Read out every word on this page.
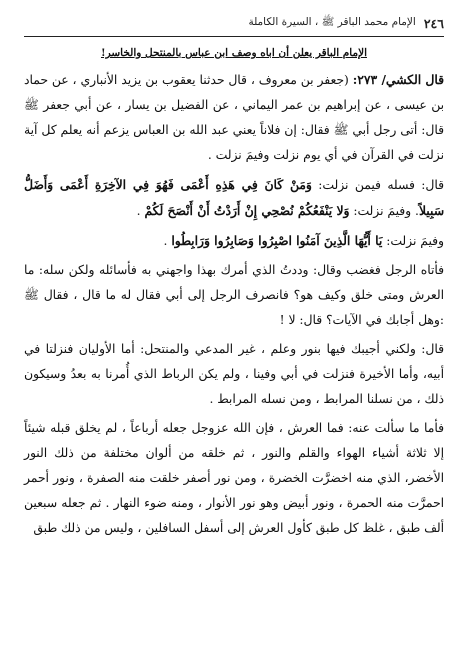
٢٤٦
الإمام محمد الباقر ﷺ ، السيرة الكاملة
الإمام الباقر يعلن أن اباه وصف ابن عباس بالمنتحل والخاسر!

قال الكشي/ ٢٧٣: (جعفر بن معروف ، قال حدثنا يعقوب بن يزيد الأنباري ، عن حماد بن عيسى ، عن إبراهيم بن عمر اليماني ، عن الفضيل بن يسار ، عن أبي جعفر ﷺ قال: أتى رجل أبي ﷺ فقال: إن فلاناً يعني عبد الله بن العباس يزعم أنه يعلم كل آية نزلت في القرآن في أي يوم نزلت وفيمَ نزلت .

قال: فسله فيمن نزلت: وَمَنْ كَانَ فِي هَذِهِ أَعْمَى فَهُوَ فِي الآخِرَةِ أَعْمَى وَأَضَلُّ سَبِيلاً. وفيمَ نزلت: وَلا يَنْفَعُكُمْ نُصْحِي إِنْ أَرَدْتُ أَنْ أَنْصَحَ لَكُمْ .

وفيمَ نزلت: يَا أَيُّهَا الَّذِينَ آمَنُوا اصْبِرُوا وَصَابِرُوا وَرَابِطُوا .

فأتاه الرجل فغضب وقال: وددتُ الذي أمرك بهذا واجهني به فأسائله ولكن سله: ما العرش ومتى خلق وكيف هو؟ فانصرف الرجل إلى أبي فقال له ما قال ، فقال ﷺ :وهل أجابك في الآيات؟ قال: لا !

قال: ولكني أجيبك فيها بنور وعلم ، غير المدعي والمنتحل: أما الأوليان فنزلتا في أبيه، وأما الأخيرة فنزلت في أبي وفينا ، ولم يكن الرباط الذي أُمرنا به بعدُ وسيكون ذلك ، من نسلنا المرابط ، ومن نسله المرابط .

فأما ما سألت عنه: فما العرش ، فإن الله عزوجل جعله أرباعاً ، لم يخلق قبله شيئاً إلا ثلاثة أشياء الهواء والقلم والنور ، ثم خلقه من ألوان مختلفة من ذلك النور الأخضر، الذي منه اخضرَّت الخضرة ، ومن نور أصفر خلقت منه الصفرة ، ونور أحمر احمرَّت منه الحمرة ، ونور أبيض وهو نور الأنوار ، ومنه ضوء النهار . ثم جعله سبعين ألف طبق ، غلظ كل طبق كأول العرش إلى أسفل السافلين ، وليس من ذلك طبق
